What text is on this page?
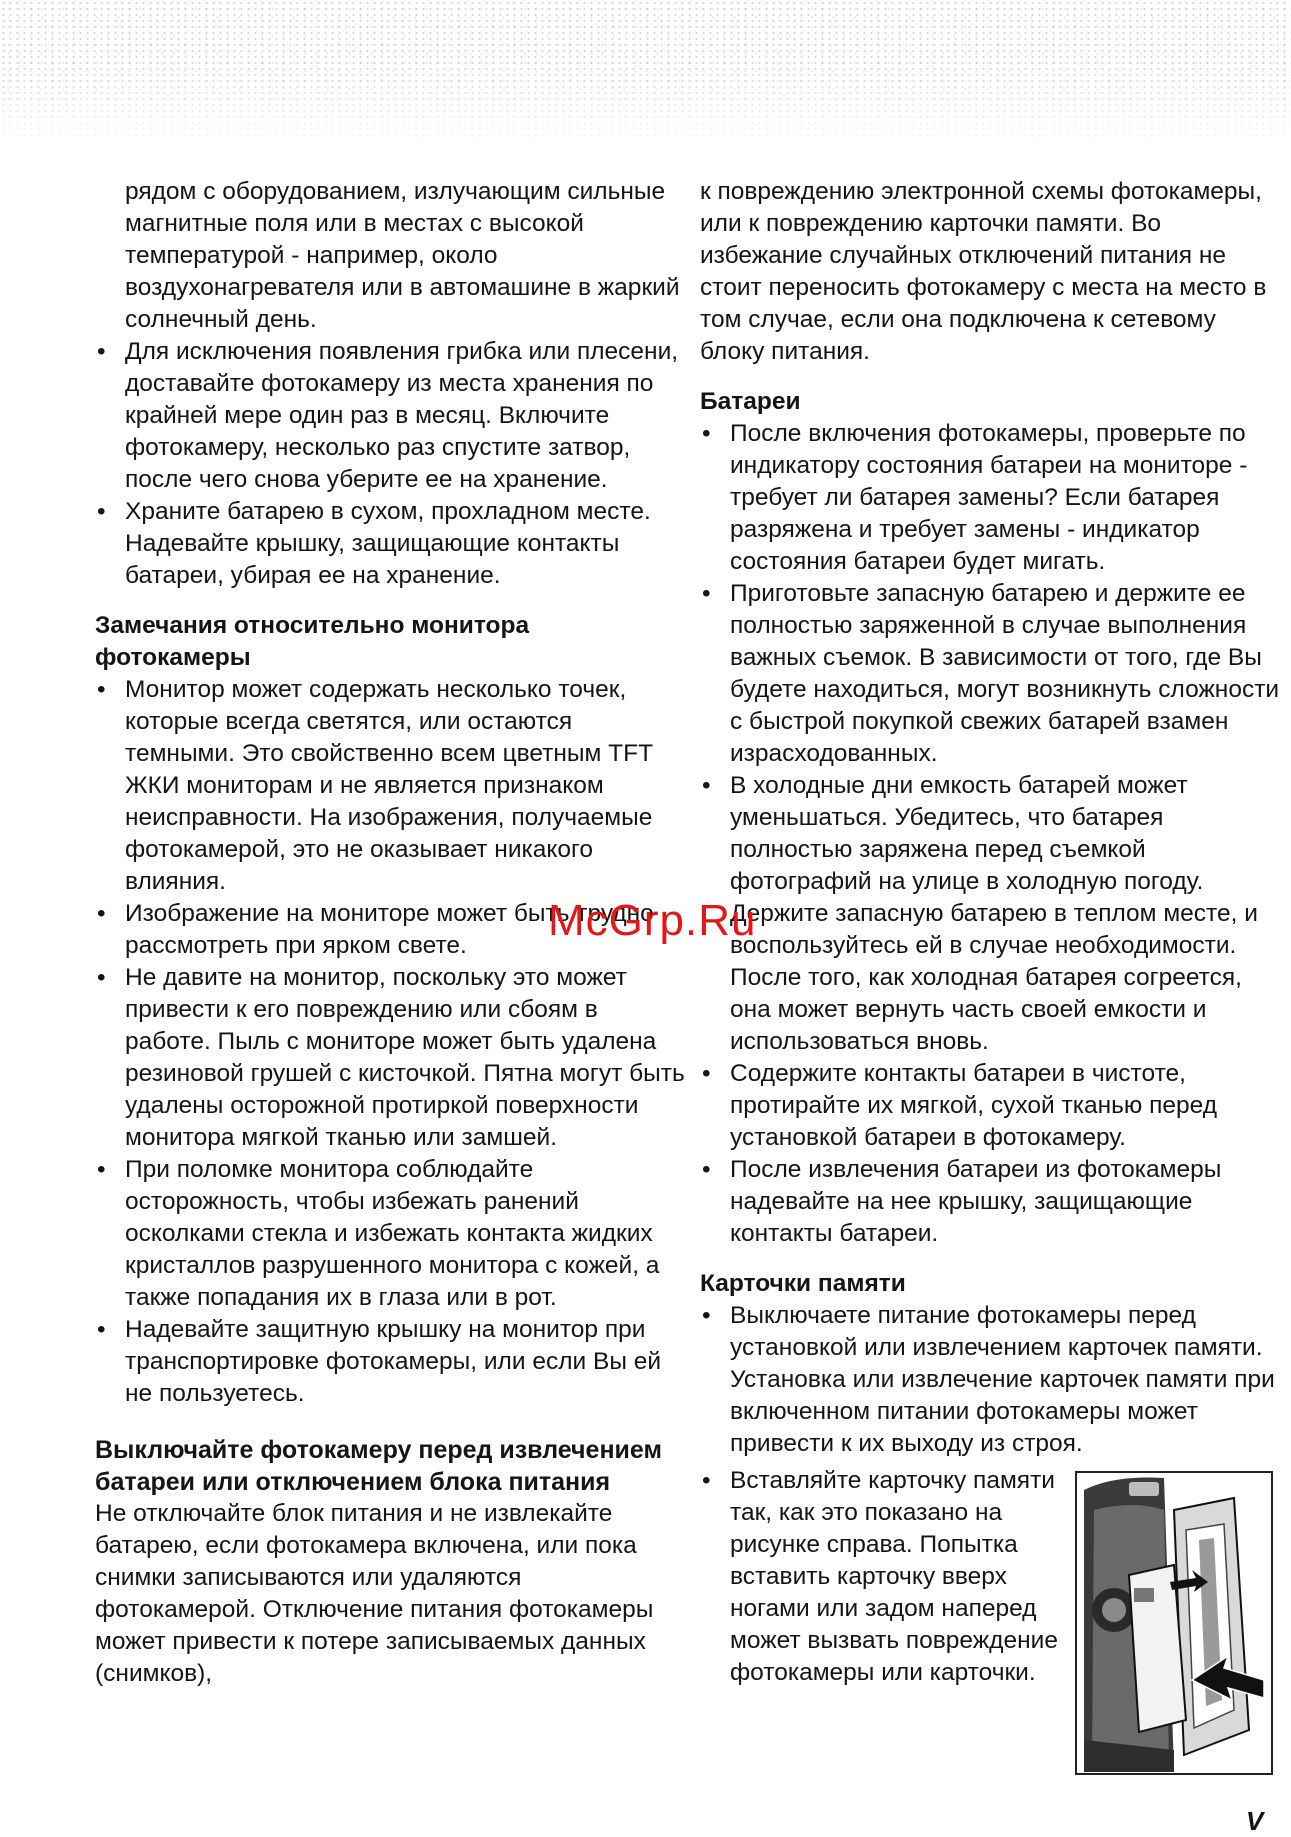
рядом с оборудованием, излучающим сильные магнитные поля или в местах с высокой температурой - например, около воздухонагревателя или в автомашине в жаркий солнечный день.

• Для исключения появления грибка или плесени, доставайте фотокамеру из места хранения по крайней мере один раз в месяц. Включите фотокамеру, несколько раз спустите затвор, после чего снова уберите ее на хранение.
• Храните батарею в сухом, прохладном месте. Надевайте крышку, защищающие контакты батареи, убирая ее на хранение.

Замечания относительно монитора фотокамеры

• Монитор может содержать несколько точек, которые всегда светятся, или остаются темными. Это свойственно всем цветным TFT ЖКИ мониторам и не является признаком неисправности. На изображения, получаемые фотокамерой, это не оказывает никакого влияния.
• Изображение на мониторе может быть трудно рассмотреть при ярком свете.
• Не давите на монитор, поскольку это может привести к его повреждению или сбоям в работе. Пыль с мониторе может быть удалена резиновой грушей с кисточкой. Пятна могут быть удалены осторожной протиркой поверхности монитора мягкой тканью или замшей.
• При поломке монитора соблюдайте осторожность, чтобы избежать ранений осколками стекла и избежать контакта жидких кристаллов разрушенного монитора с кожей, а также попадания их в глаза или в рот.
• Надевайте защитную крышку на монитор при транспортировке фотокамеры, или если Вы ей не пользуетесь.

Выключайте фотокамеру перед извлечением батареи или отключением блока питания

Не отключайте блок питания и не извлекайте батарею, если фотокамера включена, или пока снимки записываются или удаляются фотокамерой. Отключение питания фотокамеры может привести к потере записываемых данных (снимков),

к повреждению электронной схемы фотокамеры, или к повреждению карточки памяти. Во избежание случайных отключений питания не стоит переносить фотокамеру с места на место в том случае, если она подключена к сетевому блоку питания.

Батареи

• После включения фотокамеры, проверьте по индикатору состояния батареи на мониторе - требует ли батарея замены? Если батарея разряжена и требует замены - индикатор состояния батареи будет мигать.
• Приготовьте запасную батарею и держите ее полностью заряженной в случае выполнения важных съемок. В зависимости от того, где Вы будете находиться, могут возникнуть сложности с быстрой покупкой свежих батарей взамен израсходованных.
• В холодные дни емкость батарей может уменьшаться. Убедитесь, что батарея полностью заряжена перед съемкой фотографий на улице в холодную погоду. Держите запасную батарею в теплом месте, и воспользуйтесь ей в случае необходимости. После того, как холодная батарея согреется, она может вернуть часть своей емкости и использоваться вновь.
• Содержите контакты батареи в чистоте, протирайте их мягкой, сухой тканью перед установкой батареи в фотокамеру.
• После извлечения батареи из фотокамеры надевайте на нее крышку, защищающие контакты батареи.

Карточки памяти

• Выключаете питание фотокамеры перед установкой или извлечением карточек памяти. Установка или извлечение карточек памяти при включенном питании фотокамеры может привести к их выходу из строя.
• Вставляйте карточку памяти так, как это показано на рисунке справа. Попытка вставить карточку вверх ногами или задом наперед может вызвать повреждение фотокамеры или карточки.
McGrp.Ru
V
